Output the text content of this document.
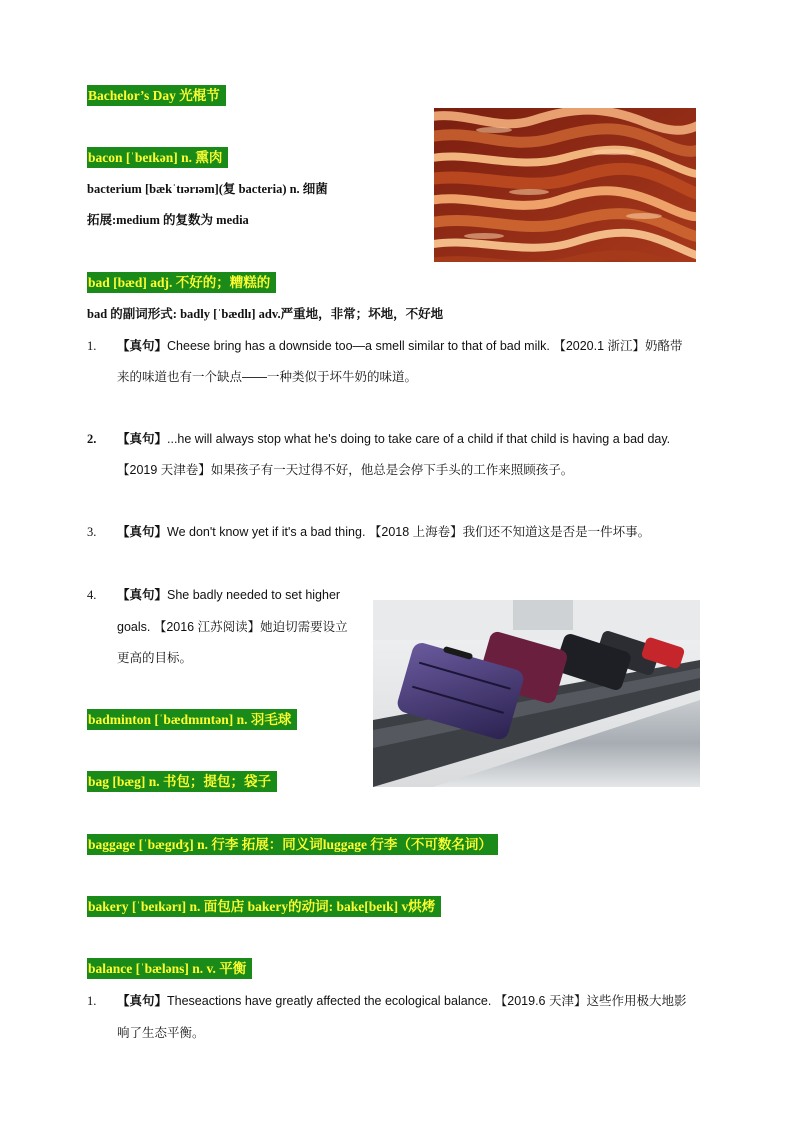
Bachelor’s Day 光棍节
bacon [ˈbeɪkən] n. 熏肉
bacterium [bækˈtɪərɪəm](复 bacteria) n. 细菌
拓展:medium 的复数为 media
bad [bæd] adj. 不好的；糟糕的
bad 的副词形式: badly [ˈbædlɪ] adv.严重地，非常；坏地，不好地
1. 【真句】Cheese bring has a downside too—a smell similar to that of bad milk. 【2020.1 浙江】奶酪带
来的味道也有一个缺点——一种类似于坏牛奶的味道。
2. 【真句】...he will always stop what he's doing to take care of a child if that child is having a bad day.
【2019 天津卷】如果孩子有一天过得不好，他总是会停下手头的工作来照顾孩子。
3. 【真句】We don't know yet if it's a bad thing. 【2018 上海卷】我们还不知道这是否是一件坏事。
4. 【真句】She badly needed to set higher
goals. 【2016 江苏阅读】她迫切需要设立
更高的目标。
badminton [ˈbædmɪntən] n. 羽毛球
bag [bæg] n. 书包；提包；袋子
baggage [ˈbægɪdʒ] n. 行李 拓展：同义词luggage 行李（不可数名词）
bakery [ˈbeɪkərɪ] n. 面包店 bakery的动词: bake[beɪk] v烘烤
balance [ˈbæləns] n. v. 平衡
1. 【真句】Theseactions have greatly affected the ecological balance. 【2019.6 天津】这些作用极大地影
响了生态平衡。
